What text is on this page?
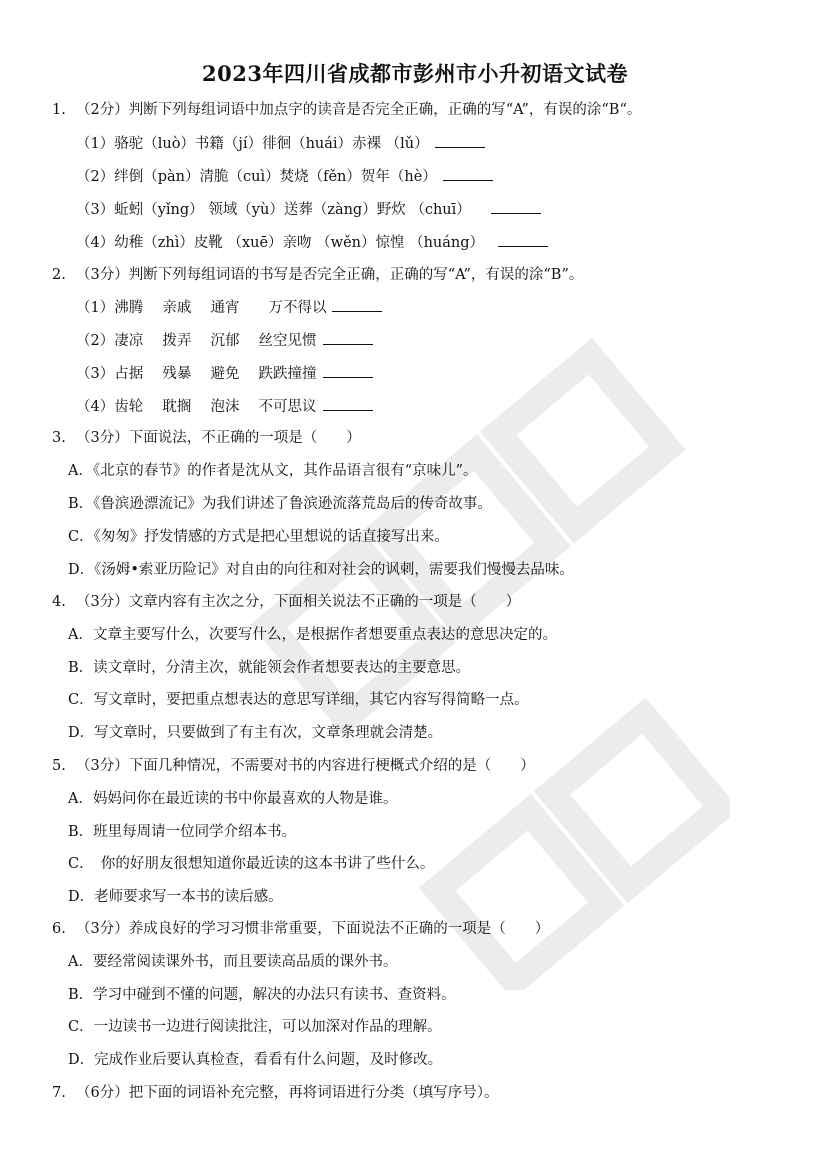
2023年四川省成都市彭州市小升初语文试卷
1. （2分）判断下列每组词语中加点字的读音是否完全正确，正确的写“A”，有误的涂“B“。
（1）骆驼（luò）书籍（jí）徘徊（huái）赤裸 （lǔ）
（2）绊倒（pàn）清脆（cuì）焚烧（fěn）贺年（hè）
（3）蚯蚓（yǐng） 领域（yù）送葬（zàng）野炊 （chuī）
（4）幼稚（zhì）皮靴 （xuē）亲吻 （wěn）惊惶 （huáng）
2. （3分）判断下列每组词语的书写是否完全正确，正确的写“A”，有误的涂“B”。
（1）沸腾　 亲戚　 通宵　　万不得以
（2）凄凉　 拨弄　 沉郁　 丝空见惯
（3）占据　 残暴　 避免　 跌跌撞撞
（4）齿轮　 耽搁　 泡沫　 不可思议
3. （3分）下面说法，不正确的一项是（　　）
A．《北京的春节》的作者是沈从文，其作品语言很有“京味儿”。
B．《鲁滨逊漂流记》为我们讲述了鲁滨逊流落荒岛后的传奇故事。
C．《匆匆》抒发情感的方式是把心里想说的话直接写出来。
D．《汤姆•索亚历险记》对自由的向往和对社会的讽刺，需要我们慢慢去品味。
4. （3分）文章内容有主次之分，下面相关说法不正确的一项是（　　）
A．文章主要写什么，次要写什么，是根据作者想要重点表达的意思决定的。
B．读文章时，分清主次，就能领会作者想要表达的主要意思。
C．写文章时，要把重点想表达的意思写详细，其它内容写得简略一点。
D．写文章时，只要做到了有主有次，文章条理就会清楚。
5. （3分）下面几种情况，不需要对书的内容进行梗概式介绍的是（　　）
A．妈妈问你在最近读的书中你最喜欢的人物是谁。
B．班里每周请一位同学介绍本书。
C．　你的好朋友很想知道你最近读的这本书讲了些什么。
D．老师要求写一本书的读后感。
6. （3分）养成良好的学习习惯非常重要，下面说法不正确的一项是（　　）
A．要经常阅读课外书，而且要读高品质的课外书。
B．学习中碰到不懂的问题，解决的办法只有读书、查资料。
C．一边读书一边进行阅读批注，可以加深对作品的理解。
D．完成作业后要认真检查，看看有什么问题，及时修改。
7. （6分）把下面的词语补充完整，再将词语进行分类（填写序号）。
